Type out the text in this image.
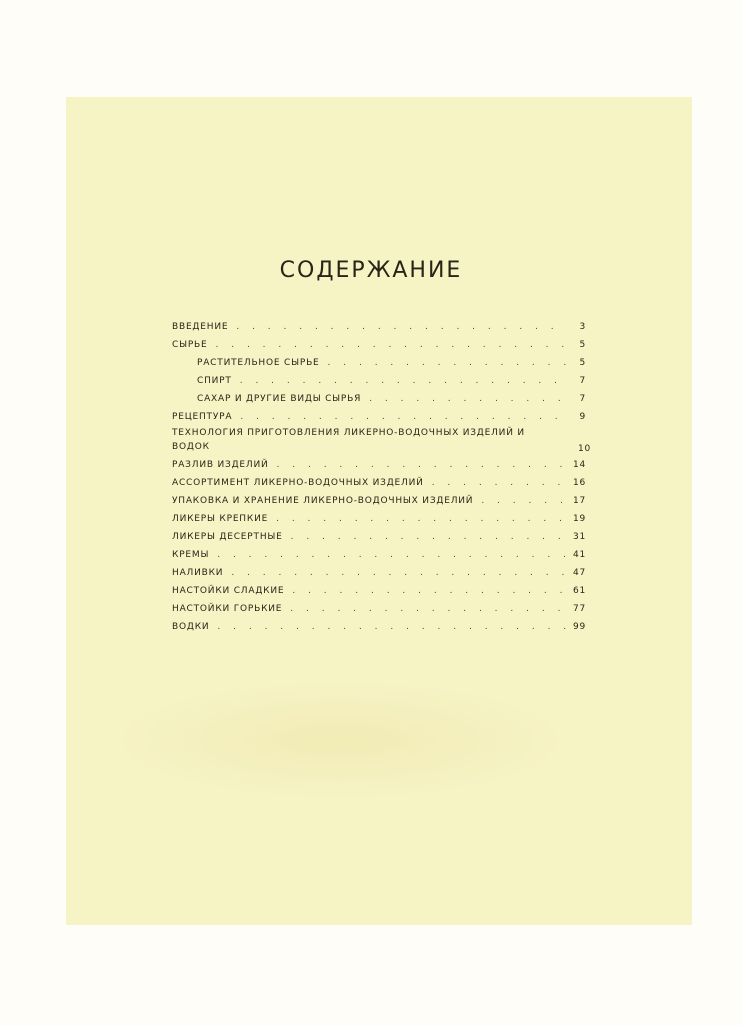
СОДЕРЖАНИЕ
ВВЕДЕНИЕ . . .	3
СЫРЬЕ . . .	5
РАСТИТЕЛЬНОЕ СЫРЬЕ . . .	5
СПИРТ . . .	7
САХАР И ДРУГИЕ ВИДЫ СЫРЬЯ . . .	7
РЕЦЕПТУРА . . .	9
ТЕХНОЛОГИЯ ПРИГОТОВЛЕНИЯ ЛИКЕРНО-ВОДОЧНЫХ ИЗДЕЛИЙ И ВОДОК	10
РАЗЛИВ ИЗДЕЛИЙ . . .	14
АССОРТИМЕНТ ЛИКЕРНО-ВОДОЧНЫХ ИЗДЕЛИЙ . . .	16
УПАКОВКА И ХРАНЕНИЕ ЛИКЕРНО-ВОДОЧНЫХ ИЗДЕЛИЙ . . .	17
ЛИКЕРЫ КРЕПКИЕ . . .	19
ЛИКЕРЫ ДЕСЕРТНЫЕ . . .	31
КРЕМЫ . . .	41
НАЛИВКИ . . .	47
НАСТОЙКИ СЛАДКИЕ . . .	61
НАСТОЙКИ ГОРЬКИЕ . . .	77
ВОДКИ . . .	99
